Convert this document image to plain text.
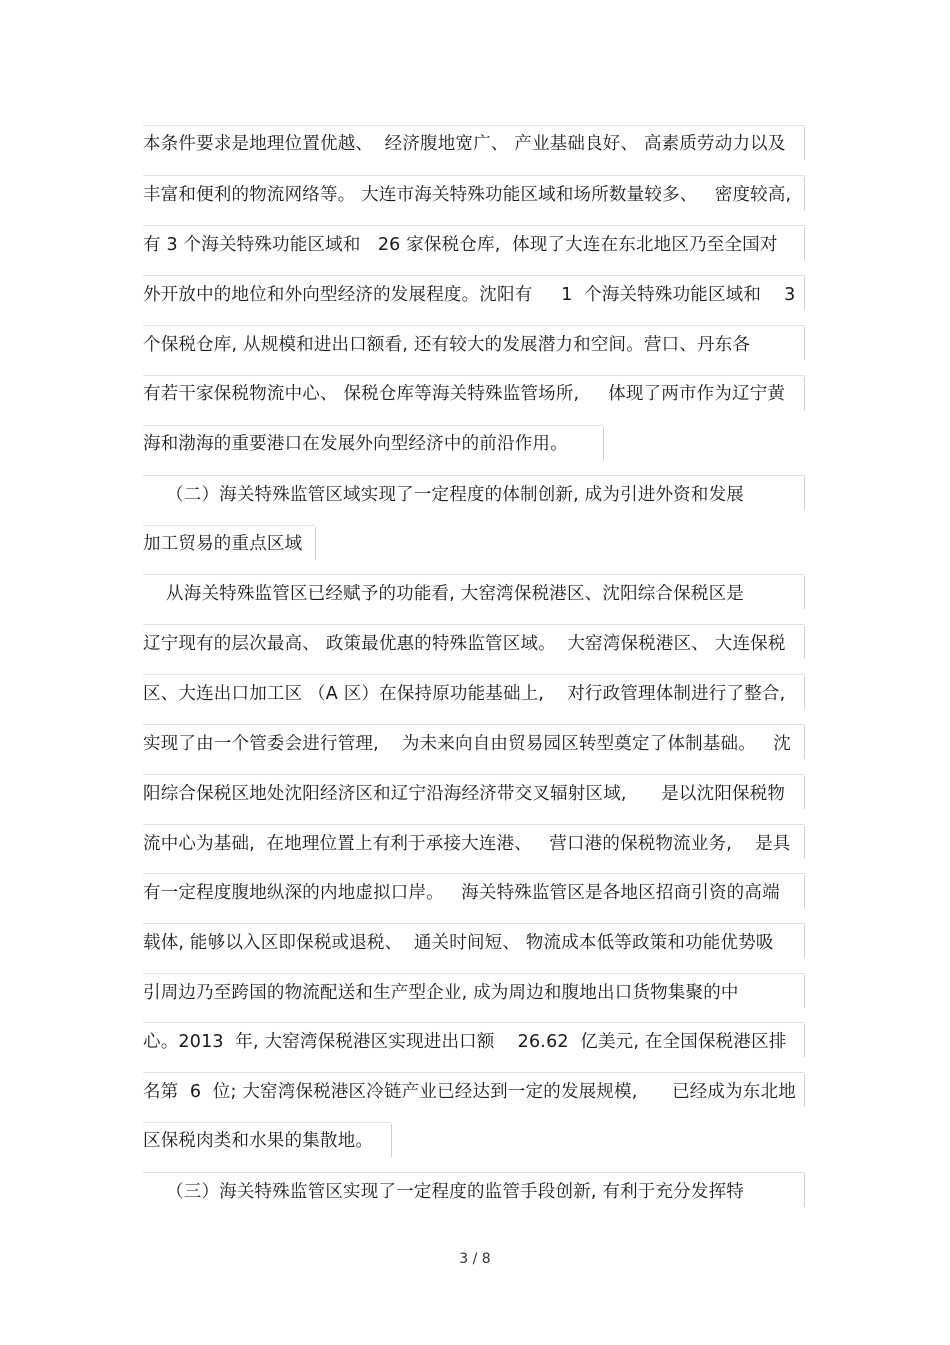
本条件要求是地理位置优越、  经济腹地宽广、 产业基础良好、 高素质劳动力以及
丰富和便利的物流网络等。 大连市海关特殊功能区域和场所数量较多、   密度较高,
有 3 个海关特殊功能区域和   26 家保税仓库,  体现了大连在东北地区乃至全国对
外开放中的地位和外向型经济的发展程度。沈阳有     1  个海关特殊功能区域和    3
个保税仓库, 从规模和进出口额看, 还有较大的发展潜力和空间。营口、丹东各
有若干家保税物流中心、 保税仓库等海关特殊监管场所,     体现了两市作为辽宁黄
海和渤海的重要港口在发展外向型经济中的前沿作用。
（二）海关特殊监管区域实现了一定程度的体制创新, 成为引进外资和发展
加工贸易的重点区域
从海关特殊监管区已经赋予的功能看, 大窑湾保税港区、沈阳综合保税区是
辽宁现有的层次最高、 政策最优惠的特殊监管区域。  大窑湾保税港区、 大连保税
区、大连出口加工区 （A 区）在保持原功能基础上,    对行政管理体制进行了整合,
实现了由一个管委会进行管理,    为未来向自由贸易园区转型奠定了体制基础。   沈
阳综合保税区地处沈阳经济区和辽宁沿海经济带交叉辐射区域,      是以沈阳保税物
流中心为基础,  在地理位置上有利于承接大连港、   营口港的保税物流业务,    是具
有一定程度腹地纵深的内地虚拟口岸。   海关特殊监管区是各地区招商引资的高端
载体, 能够以入区即保税或退税、  通关时间短、 物流成本低等政策和功能优势吸
引周边乃至跨国的物流配送和生产型企业, 成为周边和腹地出口货物集聚的中
心。2013  年, 大窑湾保税港区实现进出口额    26.62  亿美元, 在全国保税港区排
名第  6  位; 大窑湾保税港区冷链产业已经达到一定的发展规模,      已经成为东北地
区保税肉类和水果的集散地。
（三）海关特殊监管区实现了一定程度的监管手段创新, 有利于充分发挥特
3 / 8
